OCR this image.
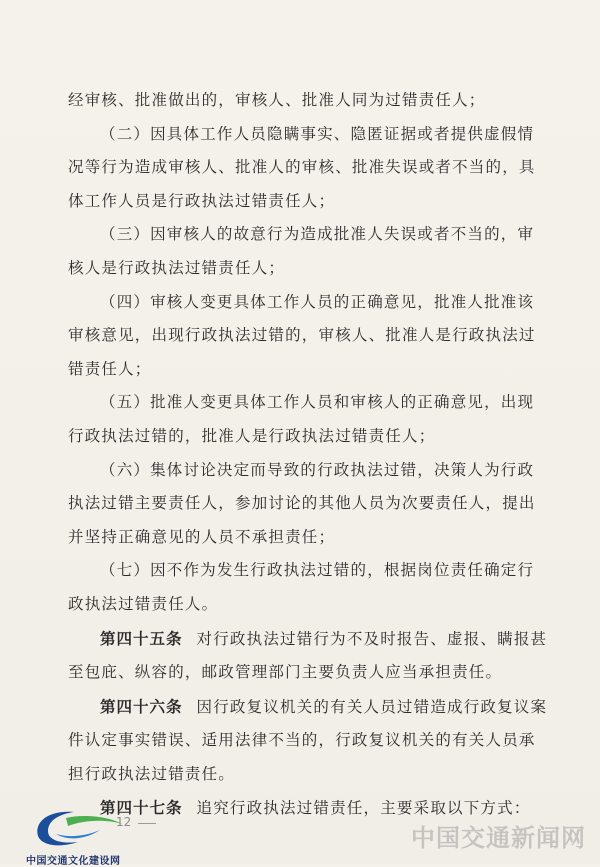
经审核、批准做出的，审核人、批准人同为过错责任人；

（二）因具体工作人员隐瞒事实、隐匿证据或者提供虚假情况等行为造成审核人、批准人的审核、批准失误或者不当的，具体工作人员是行政执法过错责任人；

（三）因审核人的故意行为造成批准人失误或者不当的，审核人是行政执法过错责任人；

（四）审核人变更具体工作人员的正确意见，批准人批准该审核意见，出现行政执法过错的，审核人、批准人是行政执法过错责任人；

（五）批准人变更具体工作人员和审核人的正确意见，出现行政执法过错的，批准人是行政执法过错责任人；

（六）集体讨论决定而导致的行政执法过错，决策人为行政执法过错主要责任人，参加讨论的其他人员为次要责任人，提出并坚持正确意见的人员不承担责任；

（七）因不作为发生行政执法过错的，根据岗位责任确定行政执法过错责任人。

第四十五条 对行政执法过错行为不及时报告、虚报、瞒报甚至包庇、纵容的，邮政管理部门主要负责人应当承担责任。

第四十六条 因行政复议机关的有关人员过错造成行政复议案件认定事实错误、适用法律不当的，行政复议机关的有关人员承担行政执法过错责任。

第四十七条 追究行政执法过错责任，主要采取以下方式：

12
中国交通文化建设网
中国交通新闻网
